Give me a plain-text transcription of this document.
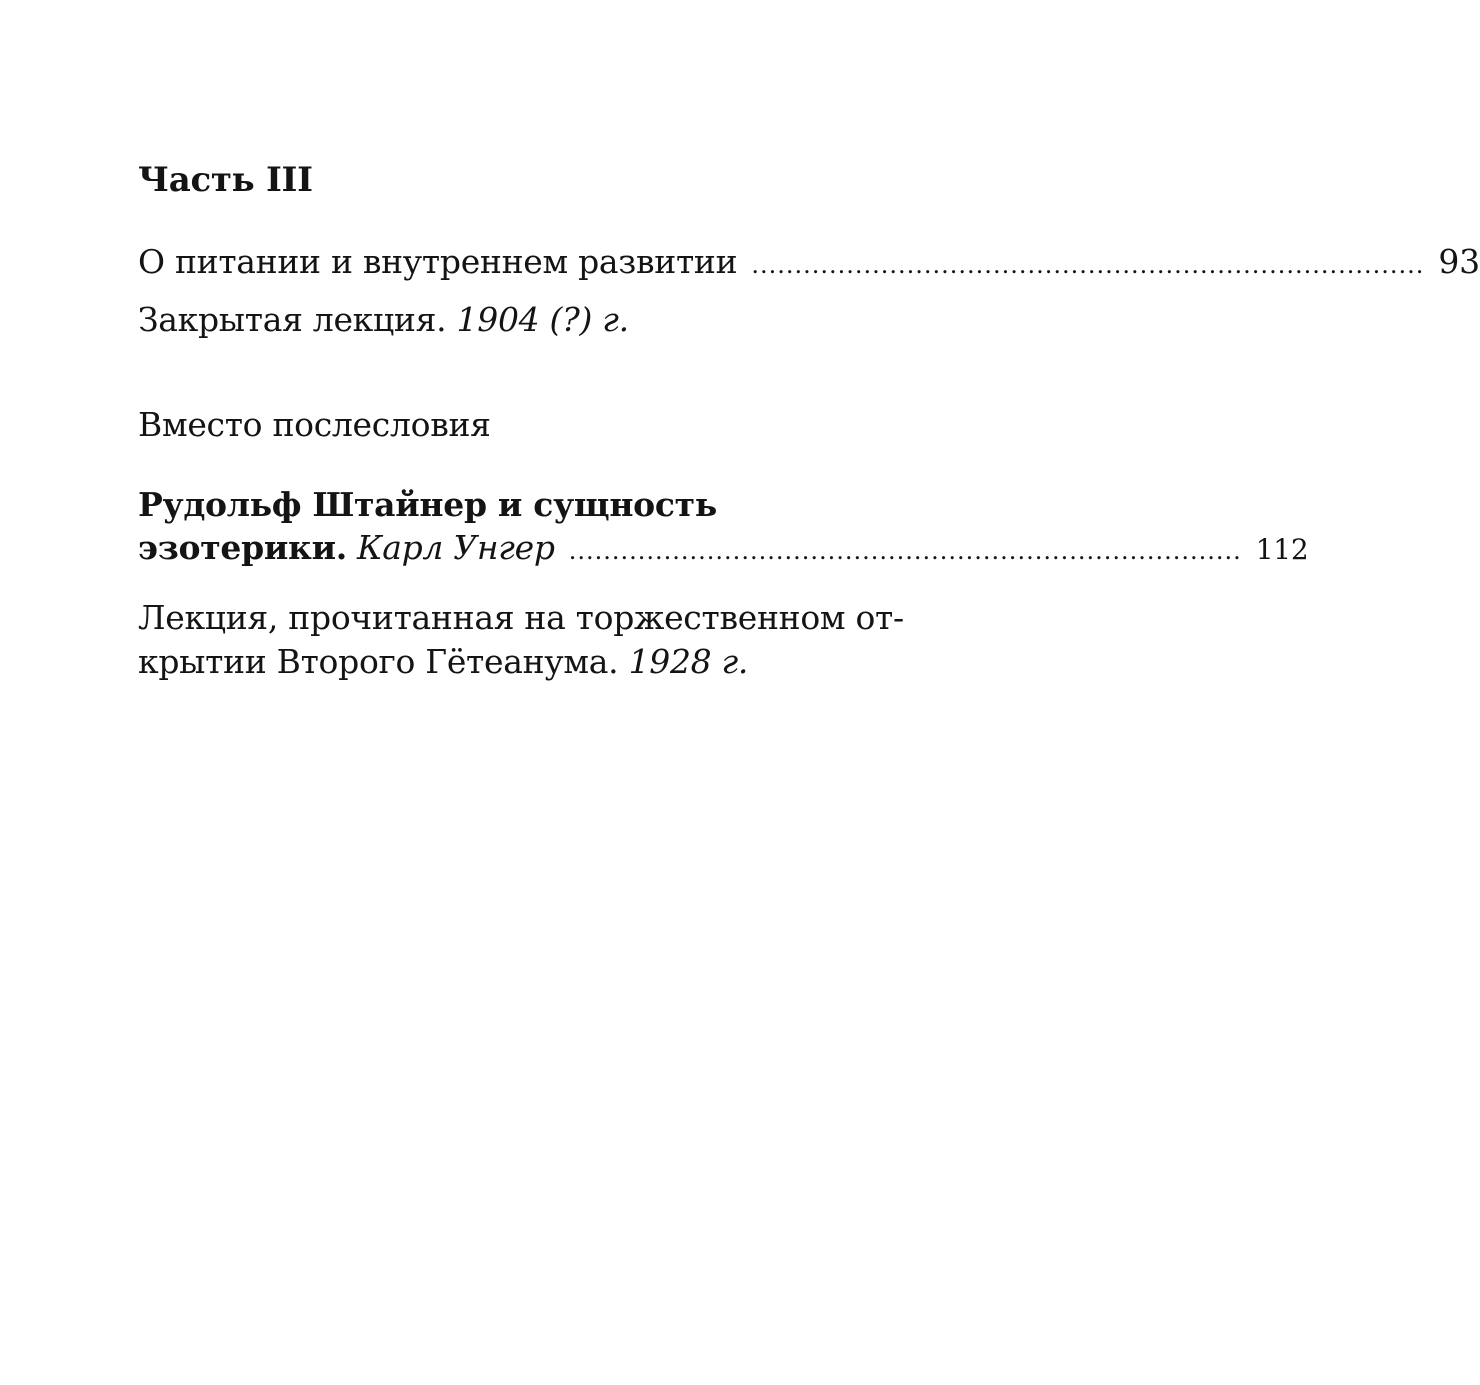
Часть III
О питании и внутреннем развитии .............................................................................. 93
Закрытая лекция. 1904 (?) г.
Вместо послесловия
Рудольф Штайнер и сущность
эзотерики. Карл Унгер .............................................................................. 112
Лекция, прочитанная на торжественном от-
крытии Второго Гётеанума. 1928 г.
